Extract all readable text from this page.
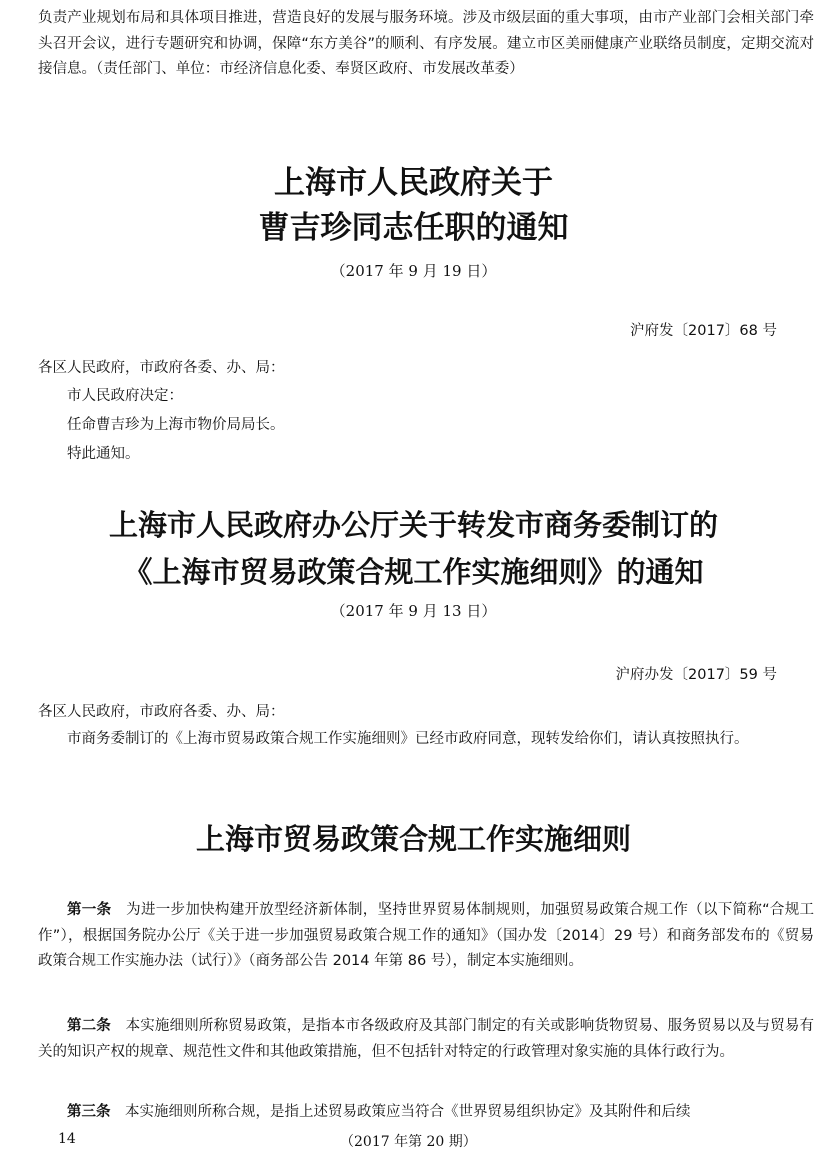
负责产业规划布局和具体项目推进，营造良好的发展与服务环境。涉及市级层面的重大事项，由市产业部门会相关部门牵头召开会议，进行专题研究和协调，保障“东方美谷”的顺利、有序发展。建立市区美丽健康产业联络员制度，定期交流对接信息。（责任部门、单位：市经济信息化委、奉贤区政府、市发展改革委）

上海市人民政府关于
曹吉珍同志任职的通知

（2017 年 9 月 19 日）

沪府发〔2017〕68 号

各区人民政府，市政府各委、办、局：

市人民政府决定：

任命曹吉珍为上海市物价局局长。

特此通知。

上海市人民政府办公厅关于转发市商务委制订的
《上海市贸易政策合规工作实施细则》的通知

（2017 年 9 月 13 日）

沪府办发〔2017〕59 号

各区人民政府，市政府各委、办、局：

市商务委制订的《上海市贸易政策合规工作实施细则》已经市政府同意，现转发给你们，请认真按照执行。

上海市贸易政策合规工作实施细则

第一条　 为进一步加快构建开放型经济新体制，坚持世界贸易体制规则，加强贸易政策合规工作（以下简称“合规工作”），根据国务院办公厅《关于进一步加强贸易政策合规工作的通知》（国办发〔2014〕29 号）和商务部发布的《贸易政策合规工作实施办法（试行）》（商务部公告 2014 年第 86 号），制定本实施细则。

第二条　 本实施细则所称贸易政策，是指本市各级政府及其部门制定的有关或影响货物贸易、服务贸易以及与贸易有关的知识产权的规章、规范性文件和其他政策措施，但不包括针对特定的行政管理对象实施的具体行政行为。

第三条　 本实施细则所称合规，是指上述贸易政策应当符合《世界贸易组织协定》及其附件和后续

14	（2017 年第 20 期）
